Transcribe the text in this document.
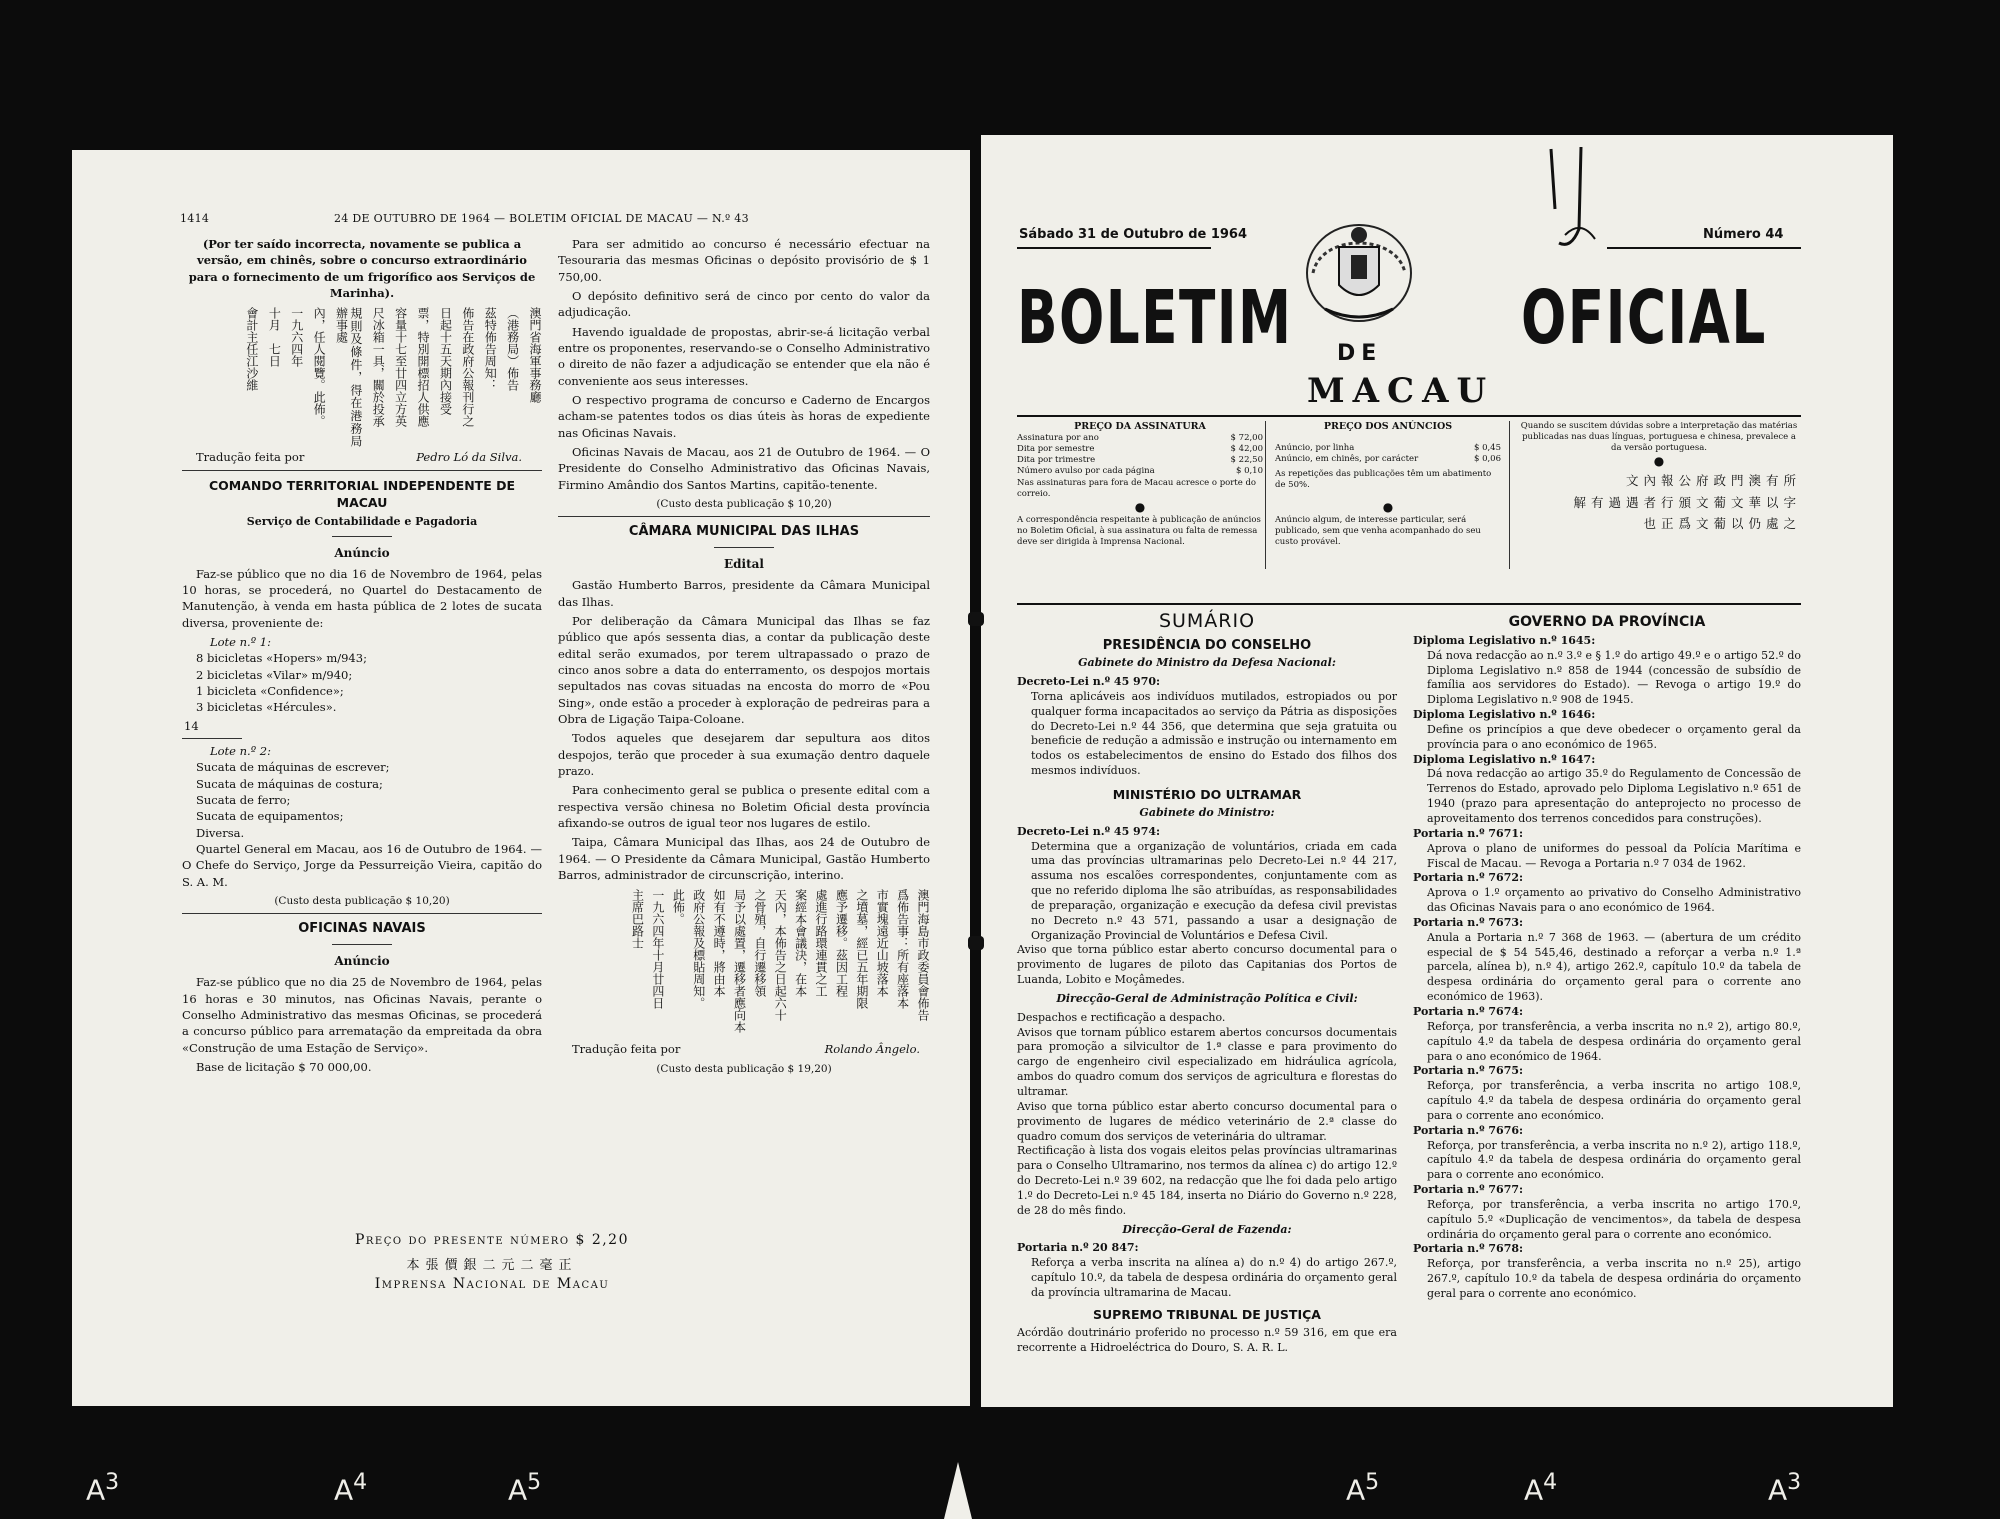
1414	24 DE OUTUBRO DE 1964 — BOLETIM OFICIAL DE MACAU — N.º 43
(Por ter saído incorrecta, novamente se publica a versão, em chinês, sobre o concurso extraordinário para o fornecimento de um frigorífico aos Serviços de Marinha).
澳門省海軍事務廳
（港務局）佈告
茲特佈告周知：
佈告在政府公報刊行之
日起十五天期內接受
票，特別開標招人供應
容量十七至廿四立方英
尺冰箱一具，關於投承
規則及條件，得在港務局辦事處
內，任人閱覽。此佈。
一九六四年
十月　七日
會計主任江沙維
Tradução feita por	Pedro Ló da Silva.
COMANDO TERRITORIAL INDEPENDENTE DE MACAU
Serviço de Contabilidade e Pagadoria
Anúncio

Faz-se público que no dia 16 de Novembro de 1964, pelas 10 horas, se procederá, no Quartel do Destacamento de Manutenção, à venda em hasta pública de 2 lotes de sucata diversa, proveniente de:

Lote n.º 1:
8 bicicletas «Hopers» m/943;
2 bicicletas «Vilar» m/940;
1 bicicleta «Confidence»;
3 bicicletas «Hércules».
14
Lote n.º 2:
Sucata de máquinas de escrever;
Sucata de máquinas de costura;
Sucata de ferro;
Sucata de equipamentos;
Diversa.

Quartel General em Macau, aos 16 de Outubro de 1964. — O Chefe do Serviço, Jorge da Pessurreição Vieira, capitão do S. A. M.

(Custo desta publicação $ 10,20)
OFICINAS NAVAIS
Anúncio

Faz-se público que no dia 25 de Novembro de 1964, pelas 16 horas e 30 minutos, nas Oficinas Navais, perante o Conselho Administrativo das mesmas Oficinas, se procederá a concurso público para arrematação da empreitada da obra «Construção de uma Estação de Serviço».

Base de licitação $ 70 000,00.

Para ser admitido ao concurso é necessário efectuar na Tesouraria das mesmas Oficinas o depósito provisório de $ 1 750,00.

O depósito definitivo será de cinco por cento do valor da adjudicação.

Havendo igualdade de propostas, abrir-se-á licitação verbal entre os proponentes, reservando-se o Conselho Administrativo o direito de não fazer a adjudicação se entender que ela não é conveniente aos seus interesses.

O respectivo programa de concurso e Caderno de Encargos acham-se patentes todos os dias úteis às horas de expediente nas Oficinas Navais.

Oficinas Navais de Macau, aos 21 de Outubro de 1964. — O Presidente do Conselho Administrativo das Oficinas Navais, Firmino Amândio dos Santos Martins, capitão-tenente.

(Custo desta publicação $ 10,20)
CÂMARA MUNICIPAL DAS ILHAS
Edital

Gastão Humberto Barros, presidente da Câmara Municipal das Ilhas.

Por deliberação da Câmara Municipal das Ilhas se faz público que após sessenta dias, a contar da publicação deste edital serão exumados, por terem ultrapassado o prazo de cinco anos sobre a data do enterramento, os despojos mortais sepultados nas covas situadas na encosta do morro de «Pou Sing», onde estão a proceder à exploração de pedreiras para a Obra de Ligação Taipa-Coloane.

Todos aqueles que desejarem dar sepultura aos ditos despojos, terão que proceder à sua exumação dentro daquele prazo.

Para conhecimento geral se publica o presente edital com a respectiva versão chinesa no Boletim Oficial desta província afixando-se outros de igual teor nos lugares de estilo.

Taipa, Câmara Municipal das Ilhas, aos 24 de Outubro de 1964. — O Presidente da Câmara Municipal, Gastão Humberto Barros, administrador de circunscrição, interino.

澳門海島市政委員會佈告
爲佈告事：所有座落本
市實塊遠近山坡落本
之墳墓，經已五年期限
應予遷移。茲因工程
處進行路環連貫之工
案經本會議決，在本
天內，本佈告之日起六十
之骨殖，自行遷移領
局予以處置，遷移者應向本
如有不遵時，將由本
政府公報及標貼周知。
此佈。
一九六四年十月廿四日
主席巴路士
Tradução feita por	Rolando Ângelo.
(Custo desta publicação $ 19,20)
Preço do presente número $ 2,20
本張價銀二元二毫正
Imprensa Nacional de Macau
Sábado 31 de Outubro de 1964	Número 44
BOLETIM	OFICIAL
DE
MACAU
PREÇO DA ASSINATURA
Assinatura por ano	$ 72,00
Dita por semestre	$ 42,00
Dita por trimestre	$ 22,50
Número avulso por cada página	$ 0,10
Nas assinaturas para fora de Macau acresce o porte do correio.
●
A correspondência respeitante à publicação de anúncios no Boletim Oficial, à sua assinatura ou falta de remessa deve ser dirigida à Imprensa Nacional.
PREÇO DOS ANÚNCIOS
Anúncio, por linha	$ 0,45
Anúncio, em chinês, por carácter	$ 0,06
As repetições das publicações têm um abatimento de 50%.
●
Anúncio algum, de interesse particular, será publicado, sem que venha acompanhado do seu custo provável.
Quando se suscitem dúvidas sobre a interpretação das matérias publicadas nas duas línguas, portuguesa e chinesa, prevalece a da versão portuguesa.
●
文內報公府政門澳有所
解有過遇者行頒文葡文華以字
也正爲文葡以仍處之
SUMÁRIO
PRESIDÊNCIA DO CONSELHO
Gabinete do Ministro da Defesa Nacional:
Decreto-Lei n.º 45 970:
Torna aplicáveis aos indivíduos mutilados, estropiados ou por qualquer forma incapacitados ao serviço da Pátria as disposições do Decreto-Lei n.º 44 356, que determina que seja gratuita ou beneficie de redução a admissão e instrução ou internamento em todos os estabelecimentos de ensino do Estado dos filhos dos mesmos indivíduos.
MINISTÉRIO DO ULTRAMAR
Gabinete do Ministro:
Decreto-Lei n.º 45 974:
Determina que a organização de voluntários, criada em cada uma das províncias ultramarinas pelo Decreto-Lei n.º 44 217, assuma nos escalões correspondentes, conjuntamente com as que no referido diploma lhe são atribuídas, as responsabilidades de preparação, organização e execução da defesa civil previstas no Decreto n.º 43 571, passando a usar a designação de Organização Provincial de Voluntários e Defesa Civil.
Aviso que torna público estar aberto concurso documental para o provimento de lugares de piloto das Capitanias dos Portos de Luanda, Lobito e Moçâmedes.
Direcção-Geral de Administração Política e Civil:
Despachos e rectificação a despacho.
Avisos que tornam público estarem abertos concursos documentais para promoção a silvicultor de 1.ª classe e para provimento do cargo de engenheiro civil especializado em hidráulica agrícola, ambos do quadro comum dos serviços de agricultura e florestas do ultramar.
Aviso que torna público estar aberto concurso documental para o provimento de lugares de médico veterinário de 2.ª classe do quadro comum dos serviços de veterinária do ultramar.
Rectificação à lista dos vogais eleitos pelas províncias ultramarinas para o Conselho Ultramarino, nos termos da alínea c) do artigo 12.º do Decreto-Lei n.º 39 602, na redacção que lhe foi dada pelo artigo 1.º do Decreto-Lei n.º 45 184, inserta no Diário do Governo n.º 228, de 28 do mês findo.
Direcção-Geral de Fazenda:
Portaria n.º 20 847:
Reforça a verba inscrita na alínea a) do n.º 4) do artigo 267.º, capítulo 10.º, da tabela de despesa ordinária do orçamento geral da província ultramarina de Macau.
SUPREMO TRIBUNAL DE JUSTIÇA
Acórdão doutrinário proferido no processo n.º 59 316, em que era recorrente a Hidroeléctrica do Douro, S. A. R. L.
GOVERNO DA PROVÍNCIA
Diploma Legislativo n.º 1645:
Dá nova redacção ao n.º 3.º e § 1.º do artigo 49.º e o artigo 52.º do Diploma Legislativo n.º 858 de 1944 (concessão de subsídio de família aos servidores do Estado). — Revoga o artigo 19.º do Diploma Legislativo n.º 908 de 1945.
Diploma Legislativo n.º 1646:
Define os princípios a que deve obedecer o orçamento geral da província para o ano económico de 1965.
Diploma Legislativo n.º 1647:
Dá nova redacção ao artigo 35.º do Regulamento de Concessão de Terrenos do Estado, aprovado pelo Diploma Legislativo n.º 651 de 1940 (prazo para apresentação do anteprojecto no processo de aproveitamento dos terrenos concedidos para construções).
Portaria n.º 7671:
Aprova o plano de uniformes do pessoal da Polícia Marítima e Fiscal de Macau. — Revoga a Portaria n.º 7 034 de 1962.
Portaria n.º 7672:
Aprova o 1.º orçamento ao privativo do Conselho Administrativo das Oficinas Navais para o ano económico de 1964.
Portaria n.º 7673:
Anula a Portaria n.º 7 368 de 1963. — (abertura de um crédito especial de $ 54 545,46, destinado a reforçar a verba n.º 1.ª parcela, alínea b), n.º 4), artigo 262.º, capítulo 10.º da tabela de despesa ordinária do orçamento geral para o corrente ano económico de 1963).
Portaria n.º 7674:
Reforça, por transferência, a verba inscrita no n.º 2), artigo 80.º, capítulo 4.º da tabela de despesa ordinária do orçamento geral para o ano económico de 1964.
Portaria n.º 7675:
Reforça, por transferência, a verba inscrita no artigo 108.º, capítulo 4.º da tabela de despesa ordinária do orçamento geral para o corrente ano económico.
Portaria n.º 7676:
Reforça, por transferência, a verba inscrita no n.º 2), artigo 118.º, capítulo 4.º da tabela de despesa ordinária do orçamento geral para o corrente ano económico.
Portaria n.º 7677:
Reforça, por transferência, a verba inscrita no artigo 170.º, capítulo 5.º «Duplicação de vencimentos», da tabela de despesa ordinária do orçamento geral para o corrente ano económico.
Portaria n.º 7678:
Reforça, por transferência, a verba inscrita no n.º 25), artigo 267.º, capítulo 10.º da tabela de despesa ordinária do orçamento geral para o corrente ano económico.
$A^3$	$A^4$	$A^5$	$A^5$	$A^4$	$A^3$
